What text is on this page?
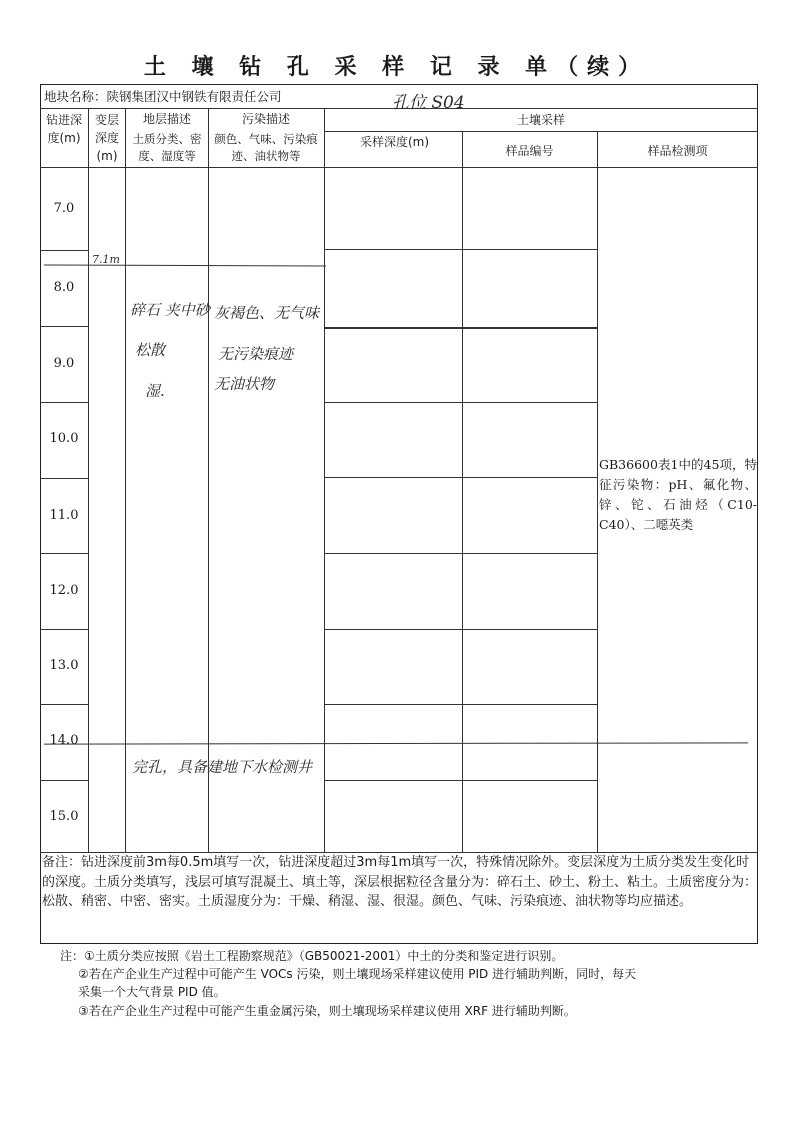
土 壤 钻 孔 采 样 记 录 单（续）
地块名称：陕钢集团汉中钢铁有限责任公司	孔位 S04
钻进深度(m)
变层深度(m)
地层描述
土质分类、密度、湿度等
污染描述
颜色、气味、污染痕迹、油状物等
土壤采样
采样深度(m)
样品编号	样品检测项
7.0
8.0
9.0
10.0
11.0
12.0
13.0
14.0
15.0
7.1m
碎石 夹中砂
松散
湿.
灰褐色、无气味
无污染痕迹
无油状物
完孔，具备建地下水检测井
GB36600表1中的45项，特征污染物：pH、氟化物、锌、铊、石油烃（C10-C40）、二噁英类
备注：钻进深度前3m每0.5m填写一次，钻进深度超过3m每1m填写一次，特殊情况除外。变层深度为土质分类发生变化时的深度。土质分类填写，浅层可填写混凝土、填土等，深层根据粒径含量分为：碎石土、砂土、粉土、粘土。土质密度分为：松散、稍密、中密、密实。土质湿度分为：干燥、稍湿、湿、很湿。颜色、气味、污染痕迹、油状物等均应描述。
注：①土质分类应按照《岩土工程勘察规范》（GB50021-2001）中土的分类和鉴定进行识别。
②若在产企业生产过程中可能产生 VOCs 污染，则土壤现场采样建议使用 PID 进行辅助判断，同时，每天
采集一个大气背景 PID 值。
③若在产企业生产过程中可能产生重金属污染，则土壤现场采样建议使用 XRF 进行辅助判断。
